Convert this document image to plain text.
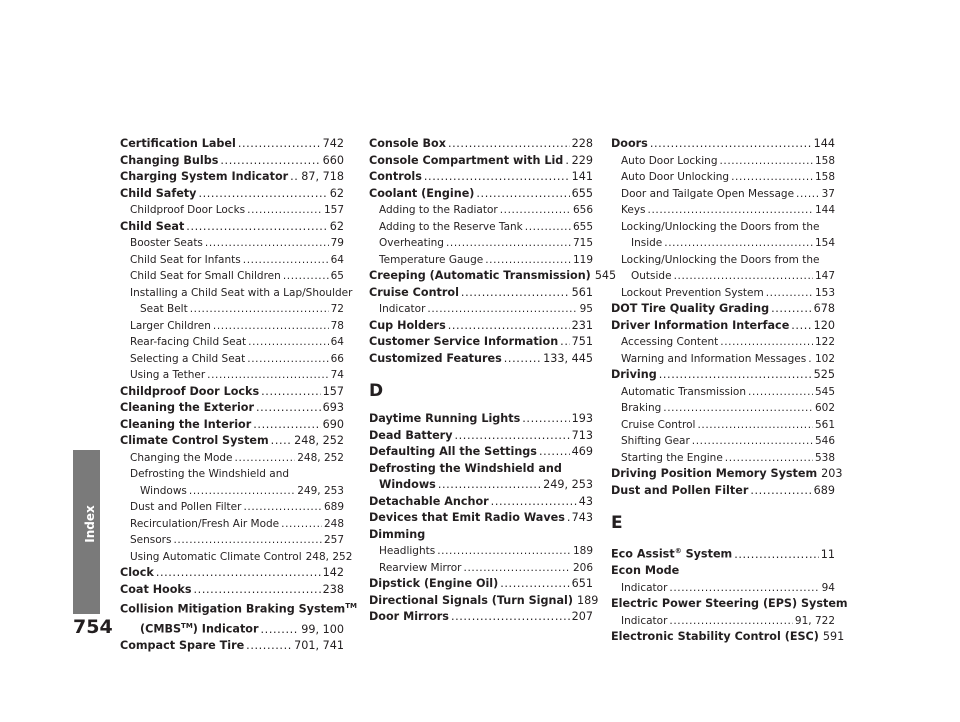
Index
754
Certification Label .....	742
Changing Bulbs .....	660
Charging System Indicator ..... 87, 718
Child Safety .....	62
Childproof Door Locks .....	157
Child Seat .....	62
Booster Seats .....	79
Child Seat for Infants .....	64
Child Seat for Small Children .....	65
Installing a Child Seat with a Lap/Shoulder
Seat Belt .....	72
Larger Children .....	78
Rear-facing Child Seat .....	64
Selecting a Child Seat .....	66
Using a Tether .....	74
Childproof Door Locks .....	157
Cleaning the Exterior .....	693
Cleaning the Interior .....	690
Climate Control System ..... 248, 252
Changing the Mode .....	248, 252
Defrosting the Windshield and
Windows .....	249, 253
Dust and Pollen Filter .....	689
Recirculation/Fresh Air Mode .....	248
Sensors .....	257
Using Automatic Climate Control 248, 252
Clock .....	142
Coat Hooks .....	238
Collision Mitigation Braking System™
(CMBS™) Indicator .....	99, 100
Compact Spare Tire .....	701, 741
Console Box .....	228
Console Compartment with Lid ..... 229
Controls .....	141
Coolant (Engine) .....	655
Adding to the Radiator .....	656
Adding to the Reserve Tank .....	655
Overheating .....	715
Temperature Gauge .....	119
Creeping (Automatic Transmission) 545
Cruise Control .....	561
Indicator .....	95
Cup Holders .....	231
Customer Service Information ..... 751
Customized Features .....	133, 445
D
Daytime Running Lights .....	193
Dead Battery .....	713
Defaulting All the Settings .....	469
Defrosting the Windshield and
Windows .....	249, 253
Detachable Anchor .....	43
Devices that Emit Radio Waves ..... 743
Dimming
Headlights .....	189
Rearview Mirror .....	206
Dipstick (Engine Oil) .....	651
Directional Signals (Turn Signal) 189
Door Mirrors .....	207
Doors .....	144
Auto Door Locking .....	158
Auto Door Unlocking .....	158
Door and Tailgate Open Message .....	37
Keys .....	144
Locking/Unlocking the Doors from the
Inside .....	154
Locking/Unlocking the Doors from the
Outside .....	147
Lockout Prevention System .....	153
DOT Tire Quality Grading .....	678
Driver Information Interface ..... 120
Accessing Content .....	122
Warning and Information Messages ..... 102
Driving .....	525
Automatic Transmission .....	545
Braking .....	602
Cruise Control .....	561
Shifting Gear .....	546
Starting the Engine .....	538
Driving Position Memory System 203
Dust and Pollen Filter .....	689
E
Eco Assist® System .....	11
Econ Mode
Indicator .....	94
Electric Power Steering (EPS) System
Indicator .....	91, 722
Electronic Stability Control (ESC) 591
